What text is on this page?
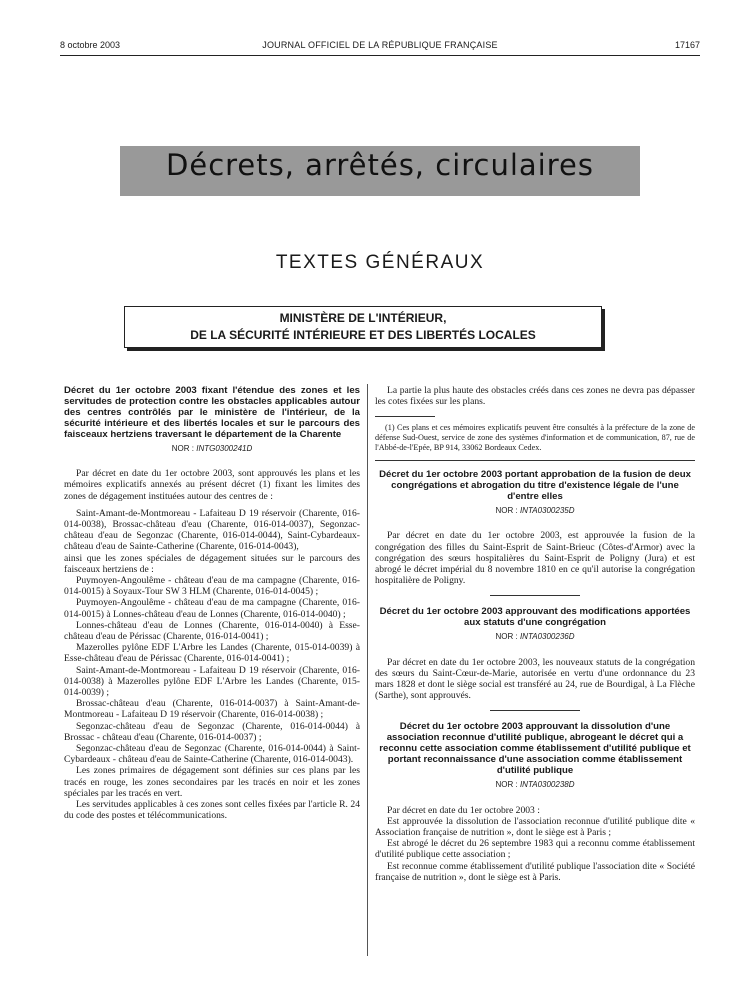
8 octobre 2003	JOURNAL OFFICIEL DE LA RÉPUBLIQUE FRANÇAISE	17167
Décrets, arrêtés, circulaires
TEXTES GÉNÉRAUX
MINISTÈRE DE L'INTÉRIEUR,
DE LA SÉCURITÉ INTÉRIEURE ET DES LIBERTÉS LOCALES
Décret du 1er octobre 2003 fixant l'étendue des zones et les servitudes de protection contre les obstacles applicables autour des centres contrôlés par le ministère de l'intérieur, de la sécurité intérieure et des libertés locales et sur le parcours des faisceaux hertziens traversant le département de la Charente
NOR : INTG0300241D

Par décret en date du 1er octobre 2003, sont approuvés les plans et les mémoires explicatifs annexés au présent décret (1) fixant les limites des zones de dégagement instituées autour des centres de :

Saint-Amant-de-Montmoreau - Lafaiteau D 19 réservoir (Charente, 016-014-0038), Brossac-château d'eau (Charente, 016-014-0037), Segonzac-château d'eau de Segonzac (Charente, 016-014-0044), Saint-Cybardeaux-château d'eau de Sainte-Catherine (Charente, 016-014-0043),

ainsi que les zones spéciales de dégagement situées sur le parcours des faisceaux hertziens de :

Puymoyen-Angoulême - château d'eau de ma campagne (Charente, 016-014-0015) à Soyaux-Tour SW 3 HLM (Charente, 016-014-0045) ;

Puymoyen-Angoulême - château d'eau de ma campagne (Charente, 016-014-0015) à Lonnes-château d'eau de Lonnes (Charente, 016-014-0040) ;

Lonnes-château d'eau de Lonnes (Charente, 016-014-0040) à Esse-château d'eau de Périssac (Charente, 016-014-0041) ;

Mazerolles pylône EDF L'Arbre les Landes (Charente, 015-014-0039) à Esse-château d'eau de Périssac (Charente, 016-014-0041) ;

Saint-Amant-de-Montmoreau - Lafaiteau D 19 réservoir (Charente, 016-014-0038) à Mazerolles pylône EDF L'Arbre les Landes (Charente, 015-014-0039) ;

Brossac-château d'eau (Charente, 016-014-0037) à Saint-Amant-de-Montmoreau - Lafaiteau D 19 réservoir (Charente, 016-014-0038) ;

Segonzac-château d'eau de Segonzac (Charente, 016-014-0044) à Brossac - château d'eau (Charente, 016-014-0037) ;

Segonzac-château d'eau de Segonzac (Charente, 016-014-0044) à Saint-Cybardeaux - château d'eau de Sainte-Catherine (Charente, 016-014-0043).

Les zones primaires de dégagement sont définies sur ces plans par les tracés en rouge, les zones secondaires par les tracés en noir et les zones spéciales par les tracés en vert.

Les servitudes applicables à ces zones sont celles fixées par l'article R. 24 du code des postes et télécommunications.

La partie la plus haute des obstacles créés dans ces zones ne devra pas dépasser les cotes fixées sur les plans.

(1) Ces plans et ces mémoires explicatifs peuvent être consultés à la préfecture de la zone de défense Sud-Ouest, service de zone des systèmes d'information et de communication, 87, rue de l'Abbé-de-l'Epée, BP 914, 33062 Bordeaux Cedex.

Décret du 1er octobre 2003 portant approbation de la fusion de deux congrégations et abrogation du titre d'existence légale de l'une d'entre elles
NOR : INTA0300235D

Par décret en date du 1er octobre 2003, est approuvée la fusion de la congrégation des filles du Saint-Esprit de Saint-Brieuc (Côtes-d'Armor) avec la congrégation des sœurs hospitalières du Saint-Esprit de Poligny (Jura) et est abrogé le décret impérial du 8 novembre 1810 en ce qu'il autorise la congrégation hospitalière de Poligny.

Décret du 1er octobre 2003 approuvant des modifications apportées aux statuts d'une congrégation
NOR : INTA0300236D

Par décret en date du 1er octobre 2003, les nouveaux statuts de la congrégation des sœurs du Saint-Cœur-de-Marie, autorisée en vertu d'une ordonnance du 23 mars 1828 et dont le siège social est transféré au 24, rue de Bourdigal, à La Flèche (Sarthe), sont approuvés.

Décret du 1er octobre 2003 approuvant la dissolution d'une association reconnue d'utilité publique, abrogeant le décret qui a reconnu cette association comme établissement d'utilité publique et portant reconnaissance d'une association comme établissement d'utilité publique
NOR : INTA0300238D

Par décret en date du 1er octobre 2003 :

Est approuvée la dissolution de l'association reconnue d'utilité publique dite « Association française de nutrition », dont le siège est à Paris ;

Est abrogé le décret du 26 septembre 1983 qui a reconnu comme établissement d'utilité publique cette association ;

Est reconnue comme établissement d'utilité publique l'association dite « Société française de nutrition », dont le siège est à Paris.
